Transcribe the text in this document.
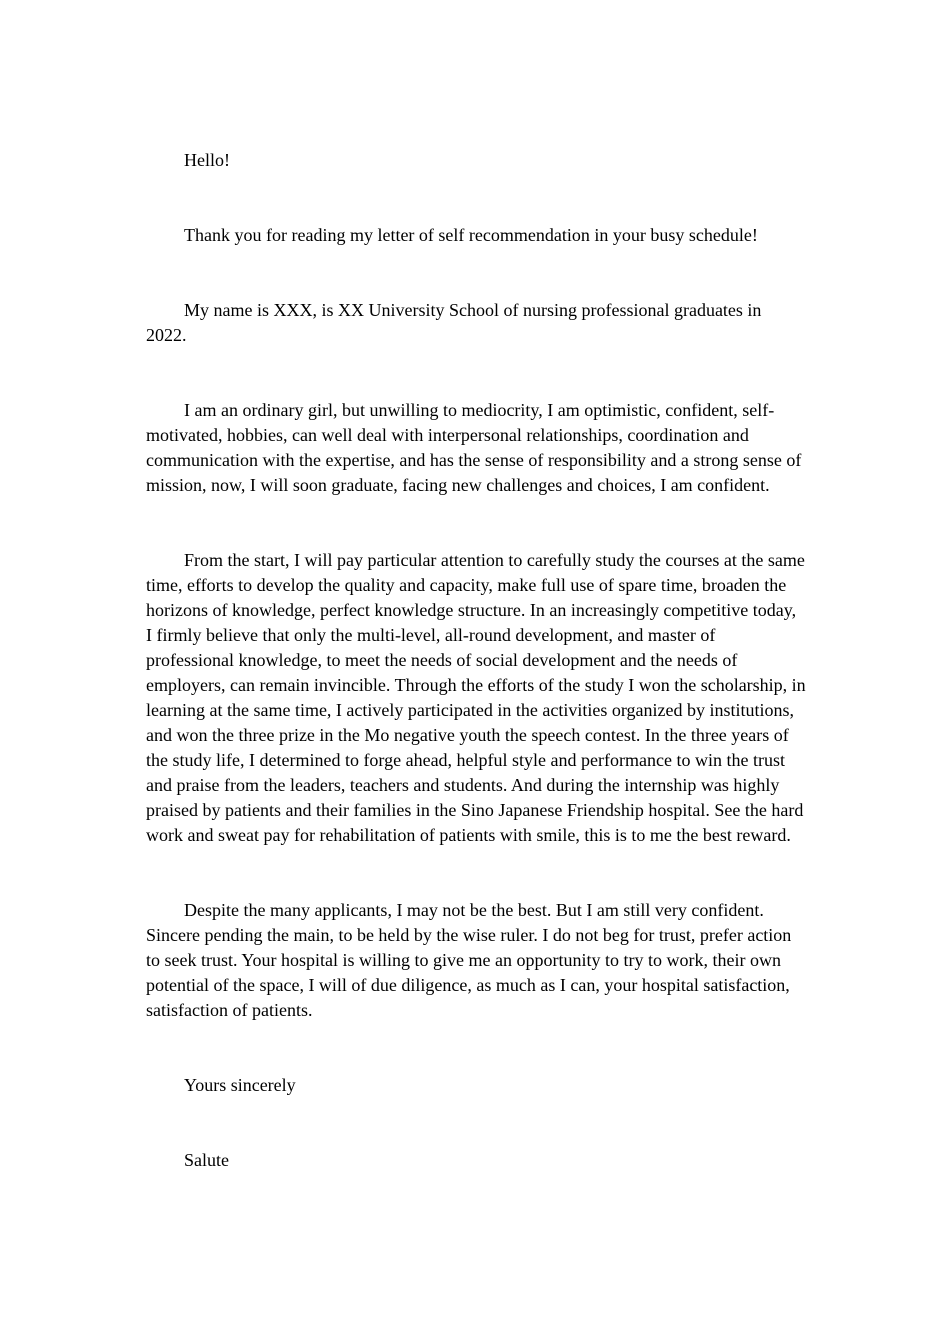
Hello!

Thank you for reading my letter of self recommendation in your busy schedule!

My name is XXX, is XX University School of nursing professional graduates in 2022.

I am an ordinary girl, but unwilling to mediocrity, I am optimistic, confident, self-motivated, hobbies, can well deal with interpersonal relationships, coordination and communication with the expertise, and has the sense of responsibility and a strong sense of mission, now, I will soon graduate, facing new challenges and choices, I am confident.

From the start, I will pay particular attention to carefully study the courses at the same time, efforts to develop the quality and capacity, make full use of spare time, broaden the horizons of knowledge, perfect knowledge structure. In an increasingly competitive today, I firmly believe that only the multi-level, all-round development, and master of professional knowledge, to meet the needs of social development and the needs of employers, can remain invincible. Through the efforts of the study I won the scholarship, in learning at the same time, I actively participated in the activities organized by institutions, and won the three prize in the Mo negative youth the speech contest. In the three years of the study life, I determined to forge ahead, helpful style and performance to win the trust and praise from the leaders, teachers and students. And during the internship was highly praised by patients and their families in the Sino Japanese Friendship hospital. See the hard work and sweat pay for rehabilitation of patients with smile, this is to me the best reward.

Despite the many applicants, I may not be the best. But I am still very confident. Sincere pending the main, to be held by the wise ruler. I do not beg for trust, prefer action to seek trust. Your hospital is willing to give me an opportunity to try to work, their own potential of the space, I will of due diligence, as much as I can, your hospital satisfaction, satisfaction of patients.

Yours sincerely

Salute
